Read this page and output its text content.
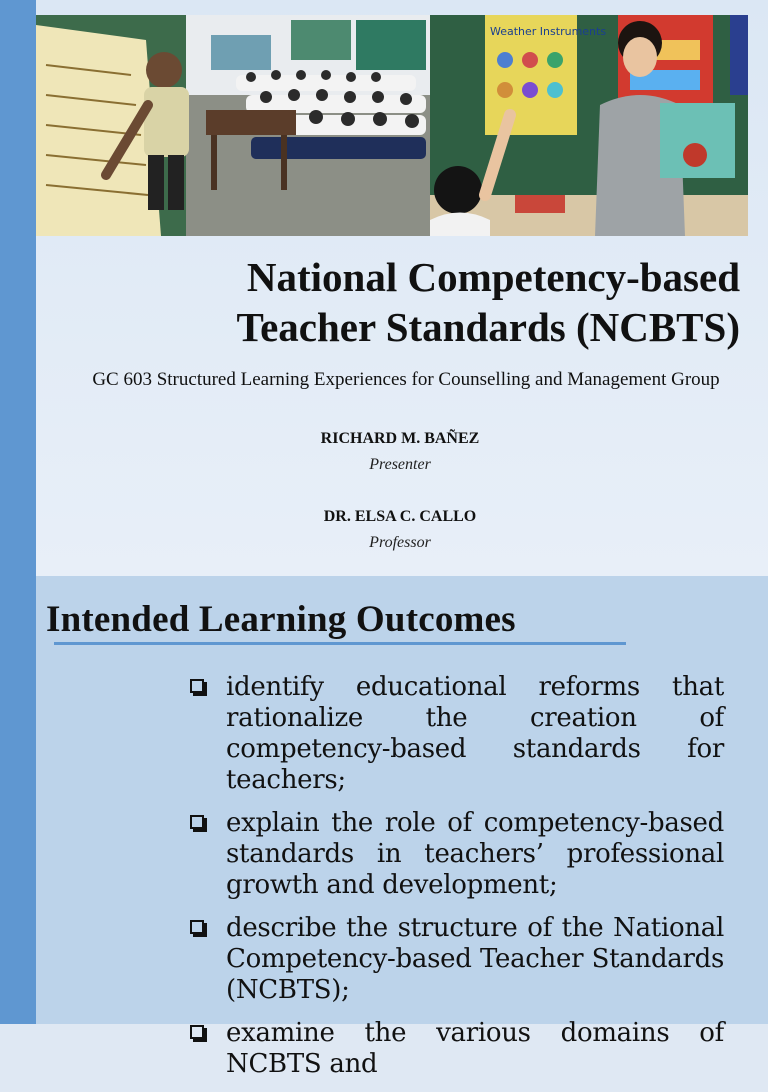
Weather Instruments
National Competency-based
Teacher Standards (NCBTS)

GC 603 Structured Learning Experiences for Counselling and Management Group

RICHARD M. BAÑEZ
Presenter
DR. ELSA C. CALLO
Professor
Intended Learning Outcomes
identify educational reforms that rationalize the creation of competency-based standards for teachers;
explain the role of competency-based standards in teachers’ professional growth and development;
describe the structure of the National Competency-based Teacher Standards (NCBTS);
examine the various domains of NCBTS and
